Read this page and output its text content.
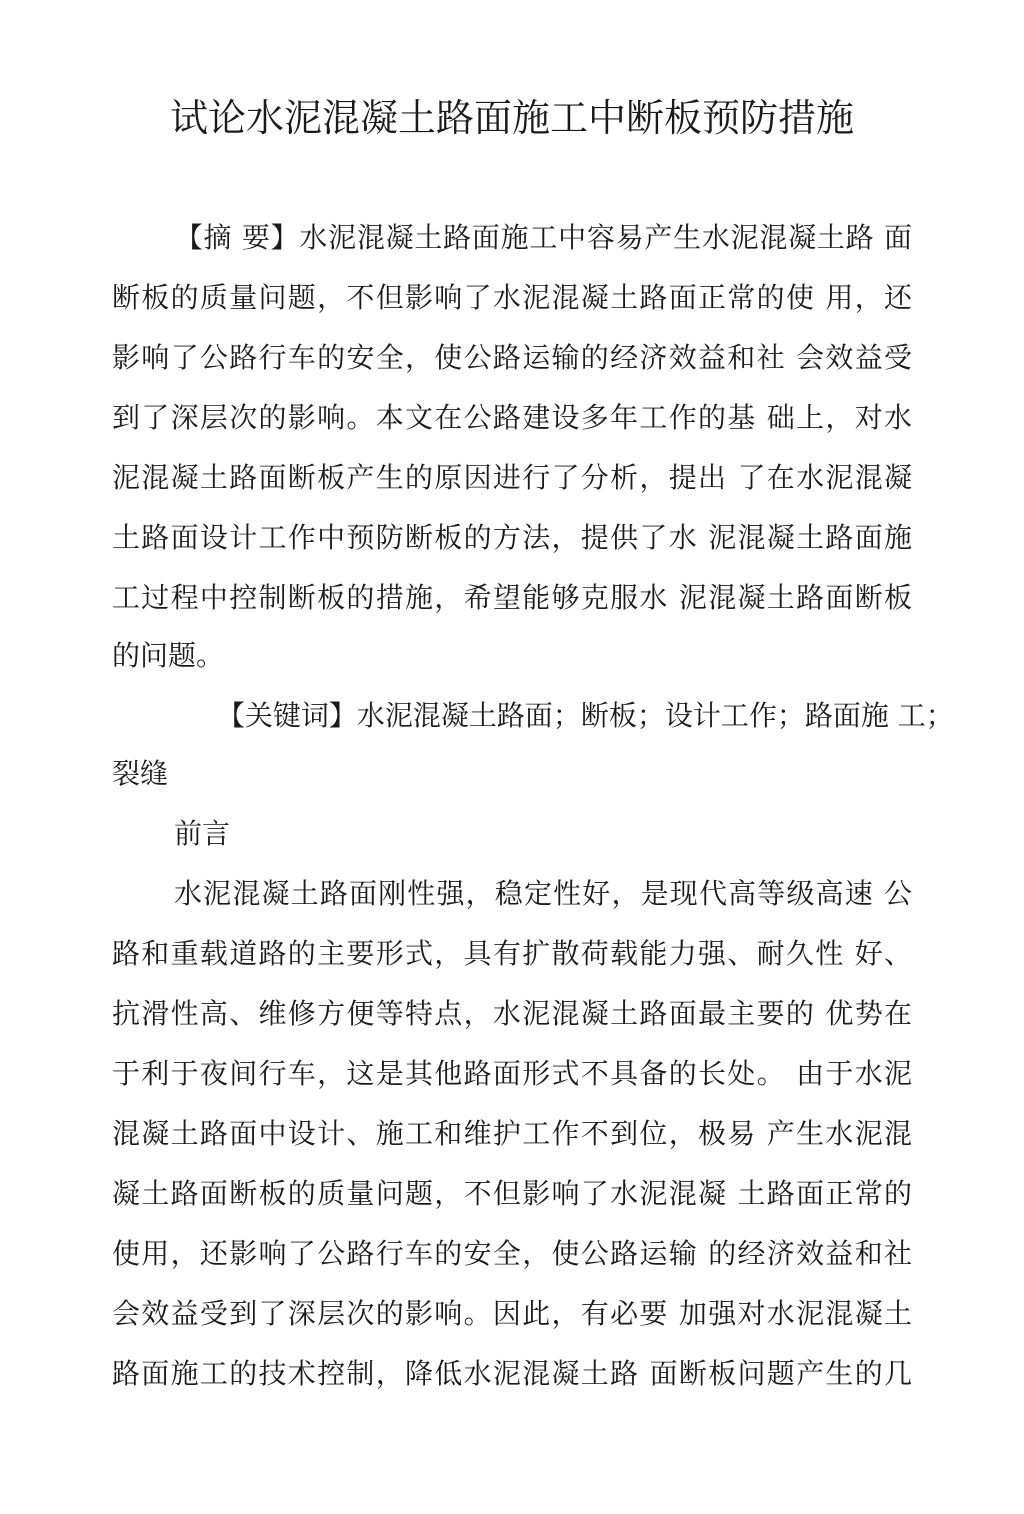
试论水泥混凝土路面施工中断板预防措施
　【摘 要】水泥混凝土路面施工中容易产生水泥混凝土路 面
断板的质量问题，不但影响了水泥混凝土路面正常的使 用，还
影响了公路行车的安全，使公路运输的经济效益和社 会效益受
到了深层次的影响。本文在公路建设多年工作的基 础上，对水
泥混凝土路面断板产生的原因进行了分析，提出 了在水泥混凝
土路面设计工作中预防断板的方法，提供了水 泥混凝土路面施
工过程中控制断板的措施，希望能够克服水 泥混凝土路面断板
的问题。
　 【关键词】水泥混凝土路面；断板；设计工作；路面施 工；
裂缝
前言
水泥混凝土路面刚性强，稳定性好，是现代高等级高速 公
路和重载道路的主要形式，具有扩散荷载能力强、耐久性 好、
抗滑性高、维修方便等特点，水泥混凝土路面最主要的 优势在
于利于夜间行车，这是其他路面形式不具备的长处。 由于水泥
混凝土路面中设计、施工和维护工作不到位，极易 产生水泥混
凝土路面断板的质量问题，不但影响了水泥混凝 土路面正常的
使用，还影响了公路行车的安全，使公路运输 的经济效益和社
会效益受到了深层次的影响。因此，有必要 加强对水泥混凝土
路面施工的技术控制，降低水泥混凝土路 面断板问题产生的几
